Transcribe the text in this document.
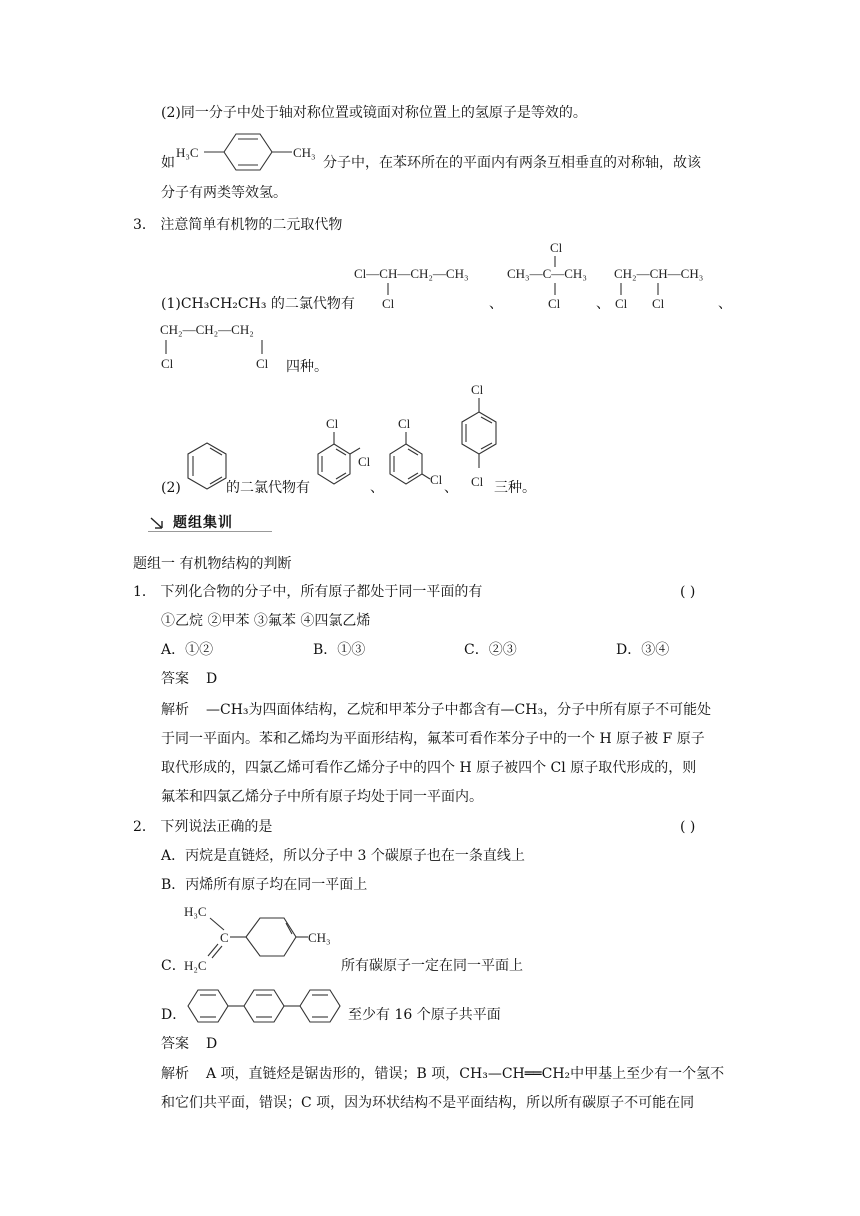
(2)同一分子中处于轴对称位置或镜面对称位置上的氢原子是等效的。
如
H₃C	CH₃
分子中，在苯环所在的平面内有两条互相垂直的对称轴，故该
分子有两类等效氢。
3． 注意简单有机物的二元取代物
Cl—CH—CH₂—CH₃
Cl
Cl
CH₃—C—CH₃
Cl
CH₂—CH—CH₃
Cl Cl
(1)CH₃CH₂CH₃ 的二氯代物有	、	、	、
CH₂—CH₂—CH₂
Cl	Cl 四种。
(2)	的二氯代物有
Cl
Cl
、
Cl
Cl
、
Cl
Cl 三种。
题组集训
题组一 有机物结构的判断
1． 下列化合物的分子中，所有原子都处于同一平面的有	( )
①乙烷 ②甲苯 ③氟苯 ④四氯乙烯
A．①②	B．①③	C．②③	D．③④
答案 D
解析 —CH₃为四面体结构，乙烷和甲苯分子中都含有—CH₃，分子中所有原子不可能处
于同一平面内。苯和乙烯均为平面形结构，氟苯可看作苯分子中的一个 H 原子被 F 原子
取代形成的，四氯乙烯可看作乙烯分子中的四个 H 原子被四个 Cl 原子取代形成的，则
氟苯和四氯乙烯分子中所有原子均处于同一平面内。
2． 下列说法正确的是	( )
A．丙烷是直链烃，所以分子中 3 个碳原子也在一条直线上
B．丙烯所有原子均在同一平面上
H₃C
C	CH₃
C．
H₂C	所有碳原子一定在同一平面上
D．	至少有 16 个原子共平面
答案 D
解析 A 项，直链烃是锯齿形的，错误；B 项，CH₃—CH══CH₂中甲基上至少有一个氢不
和它们共平面，错误；C 项，因为环状结构不是平面结构，所以所有碳原子不可能在同
